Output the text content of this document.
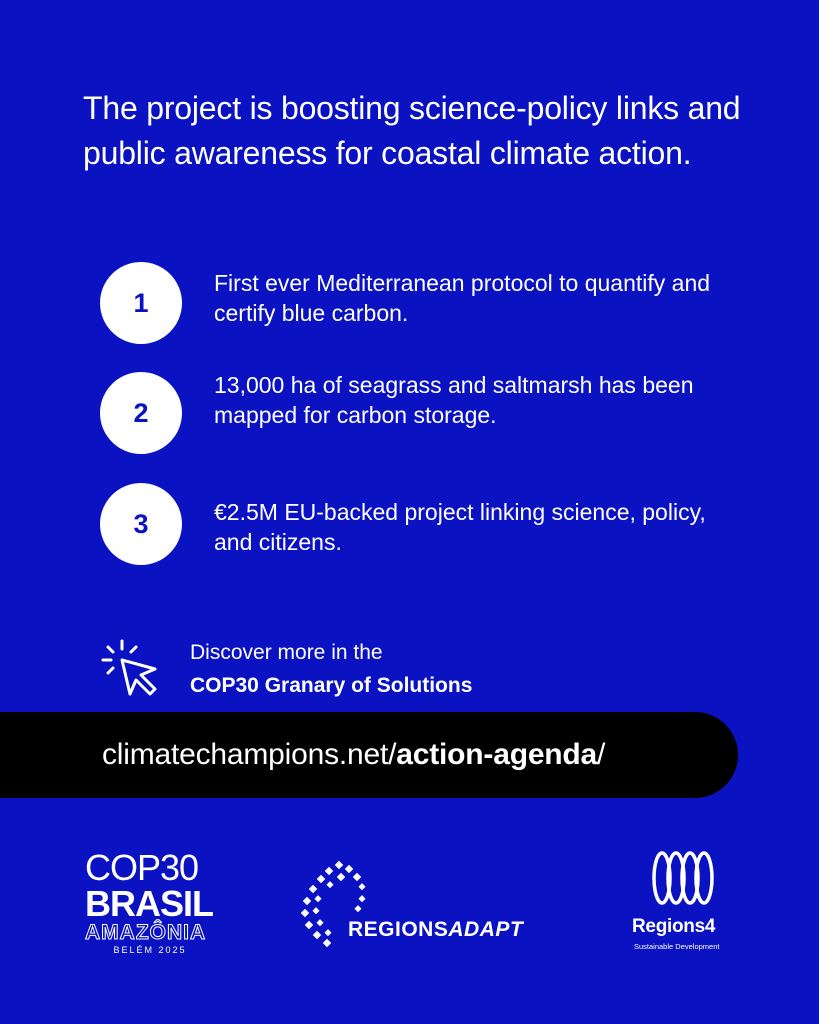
The project is boosting science-policy links and public awareness for coastal climate action.

1
First ever Mediterranean protocol to quantify and certify blue carbon.
2
13,000 ha of seagrass and saltmarsh has been mapped for carbon storage.
3	€2.5M EU-backed project linking science, policy, and citizens.
Discover more in the
COP30 Granary of Solutions
climatechampions.net/action-agenda/
COP30
BRASIL
AMAZÔNIA
BELÉM 2025
REGIONSADAPT	Regions4
Sustainable Development
